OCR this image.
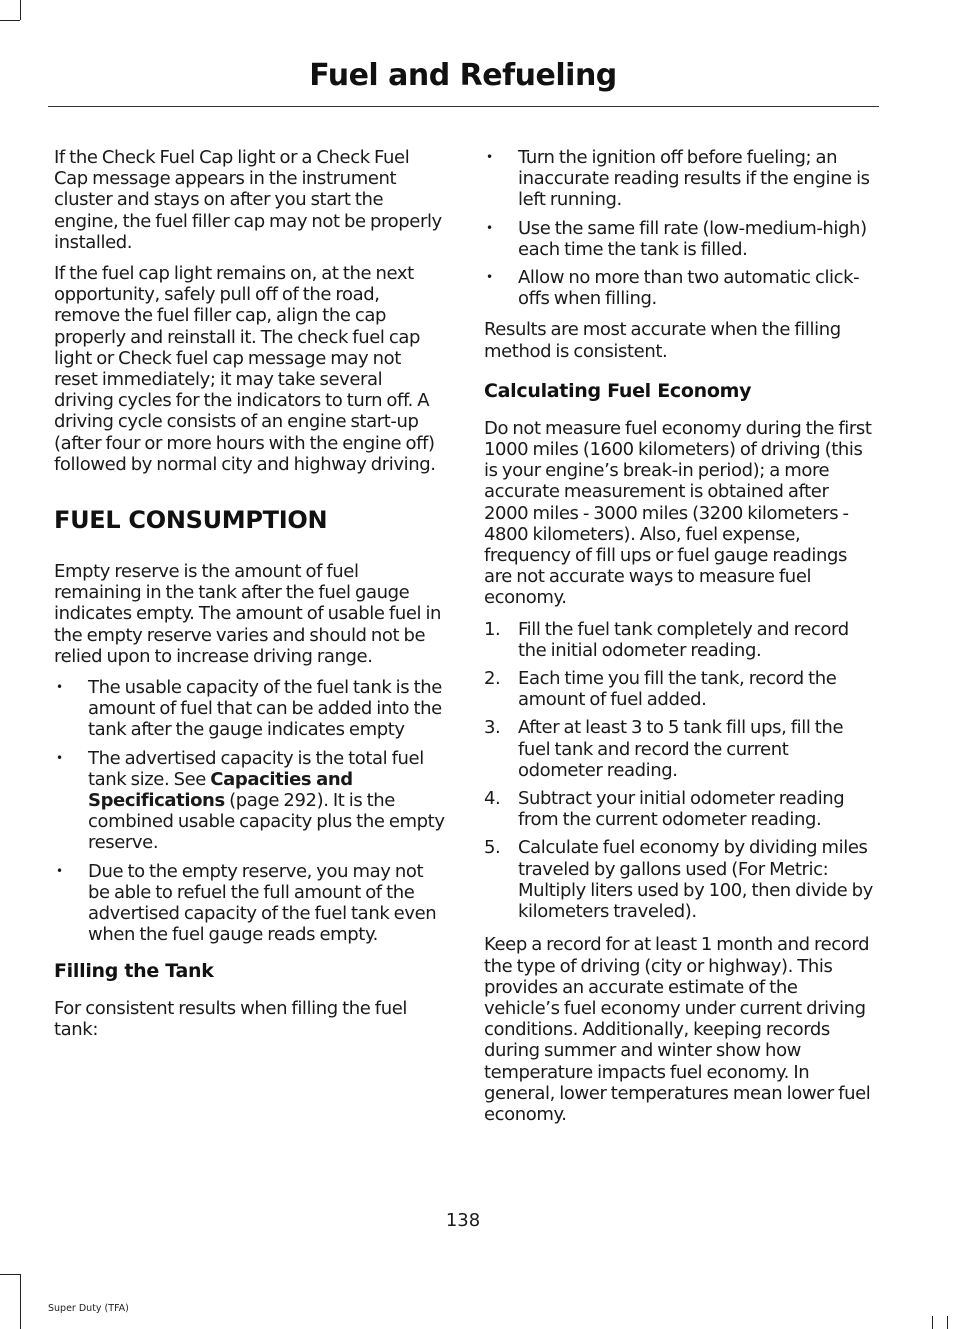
Fuel and Refueling

If the Check Fuel Cap light or a Check Fuel Cap message appears in the instrument cluster and stays on after you start the engine, the fuel filler cap may not be properly installed.

If the fuel cap light remains on, at the next opportunity, safely pull off of the road, remove the fuel filler cap, align the cap properly and reinstall it. The check fuel cap light or Check fuel cap message may not reset immediately; it may take several driving cycles for the indicators to turn off. A driving cycle consists of an engine start-up (after four or more hours with the engine off) followed by normal city and highway driving.

FUEL CONSUMPTION

Empty reserve is the amount of fuel remaining in the tank after the fuel gauge indicates empty. The amount of usable fuel in the empty reserve varies and should not be relied upon to increase driving range.

•	The usable capacity of the fuel tank is the amount of fuel that can be added into the tank after the gauge indicates empty
•	The advertised capacity is the total fuel tank size. See Capacities and Specifications (page 292). It is the combined usable capacity plus the empty reserve.
•	Due to the empty reserve, you may not be able to refuel the full amount of the advertised capacity of the fuel tank even when the fuel gauge reads empty.
Filling the Tank

For consistent results when filling the fuel tank:

•	Turn the ignition off before fueling; an inaccurate reading results if the engine is left running.
•	Use the same fill rate (low-medium-high) each time the tank is filled.
•	Allow no more than two automatic click-offs when filling.

Results are most accurate when the filling method is consistent.

Calculating Fuel Economy

Do not measure fuel economy during the first 1000 miles (1600 kilometers) of driving (this is your engine’s break-in period); a more accurate measurement is obtained after 2000 miles - 3000 miles (3200 kilometers - 4800 kilometers). Also, fuel expense, frequency of fill ups or fuel gauge readings are not accurate ways to measure fuel economy.

1. Fill the fuel tank completely and record the initial odometer reading.
2. Each time you fill the tank, record the amount of fuel added.
3. After at least 3 to 5 tank fill ups, fill the fuel tank and record the current odometer reading.
4. Subtract your initial odometer reading from the current odometer reading.
5. Calculate fuel economy by dividing miles traveled by gallons used (For Metric: Multiply liters used by 100, then divide by kilometers traveled).

Keep a record for at least 1 month and record the type of driving (city or highway). This provides an accurate estimate of the vehicle’s fuel economy under current driving conditions. Additionally, keeping records during summer and winter show how temperature impacts fuel economy. In general, lower temperatures mean lower fuel economy.

138
Super Duty (TFA)
